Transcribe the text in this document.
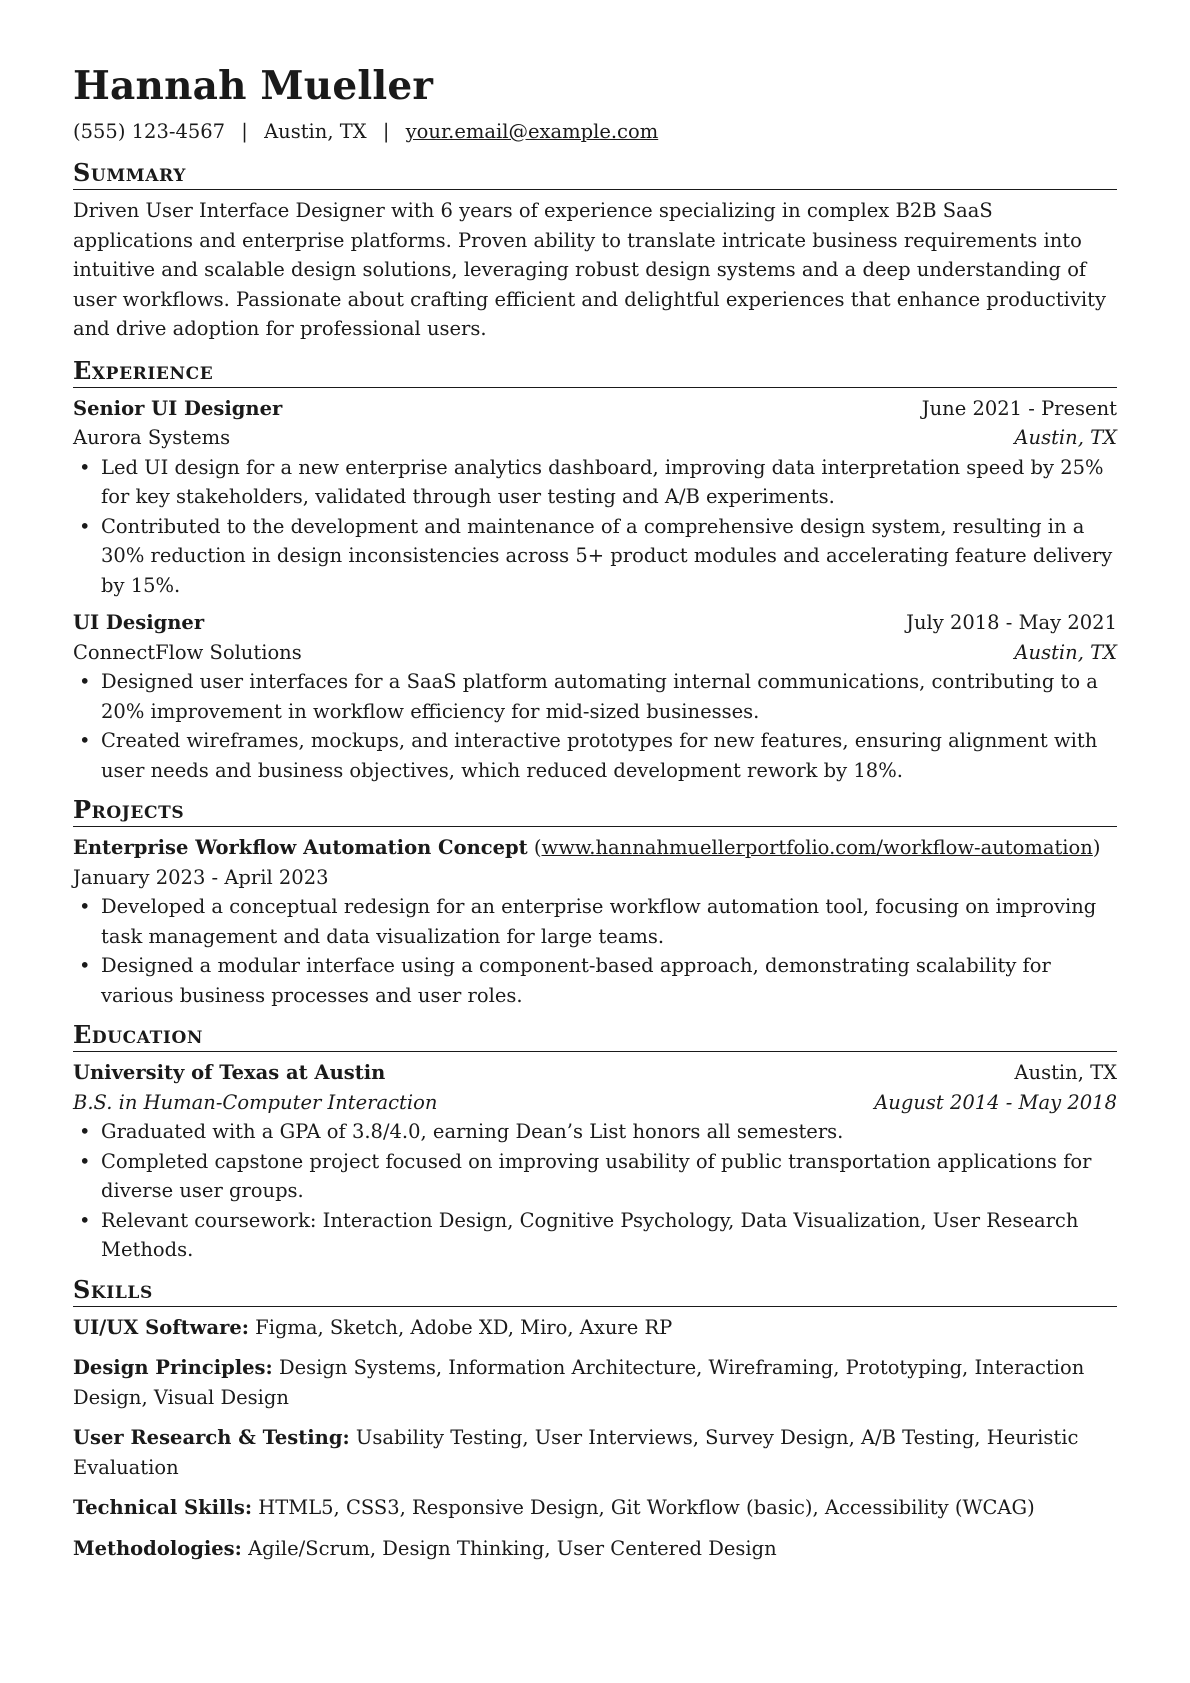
Hannah Mueller
(555) 123-4567 | Austin, TX | your.email@example.com
Summary
Driven User Interface Designer with 6 years of experience specializing in complex B2B SaaS applications and enterprise platforms. Proven ability to translate intricate business requirements into intuitive and scalable design solutions, leveraging robust design systems and a deep understanding of user workflows. Passionate about crafting efficient and delightful experiences that enhance productivity and drive adoption for professional users.
Experience
Senior UI Designer	June 2021 - Present
Aurora Systems	Austin, TX
• Led UI design for a new enterprise analytics dashboard, improving data interpretation speed by 25% for key stakeholders, validated through user testing and A/B experiments.
• Contributed to the development and maintenance of a comprehensive design system, resulting in a 30% reduction in design inconsistencies across 5+ product modules and accelerating feature delivery by 15%.
UI Designer	July 2018 - May 2021
ConnectFlow Solutions	Austin, TX
• Designed user interfaces for a SaaS platform automating internal communications, contributing to a 20% improvement in workflow efficiency for mid-sized businesses.
• Created wireframes, mockups, and interactive prototypes for new features, ensuring alignment with user needs and business objectives, which reduced development rework by 18%.
Projects
Enterprise Workflow Automation Concept (www.hannahmuellerportfolio.com/workflow-automation)
January 2023 - April 2023
• Developed a conceptual redesign for an enterprise workflow automation tool, focusing on improving task management and data visualization for large teams.
• Designed a modular interface using a component-based approach, demonstrating scalability for various business processes and user roles.
Education
University of Texas at Austin	Austin, TX
B.S. in Human-Computer Interaction	August 2014 - May 2018
• Graduated with a GPA of 3.8/4.0, earning Dean’s List honors all semesters.
• Completed capstone project focused on improving usability of public transportation applications for diverse user groups.
• Relevant coursework: Interaction Design, Cognitive Psychology, Data Visualization, User Research Methods.
Skills
UI/UX Software: Figma, Sketch, Adobe XD, Miro, Axure RP
Design Principles: Design Systems, Information Architecture, Wireframing, Prototyping, Interaction Design, Visual Design
User Research & Testing: Usability Testing, User Interviews, Survey Design, A/B Testing, Heuristic Evaluation
Technical Skills: HTML5, CSS3, Responsive Design, Git Workflow (basic), Accessibility (WCAG)
Methodologies: Agile/Scrum, Design Thinking, User Centered Design
